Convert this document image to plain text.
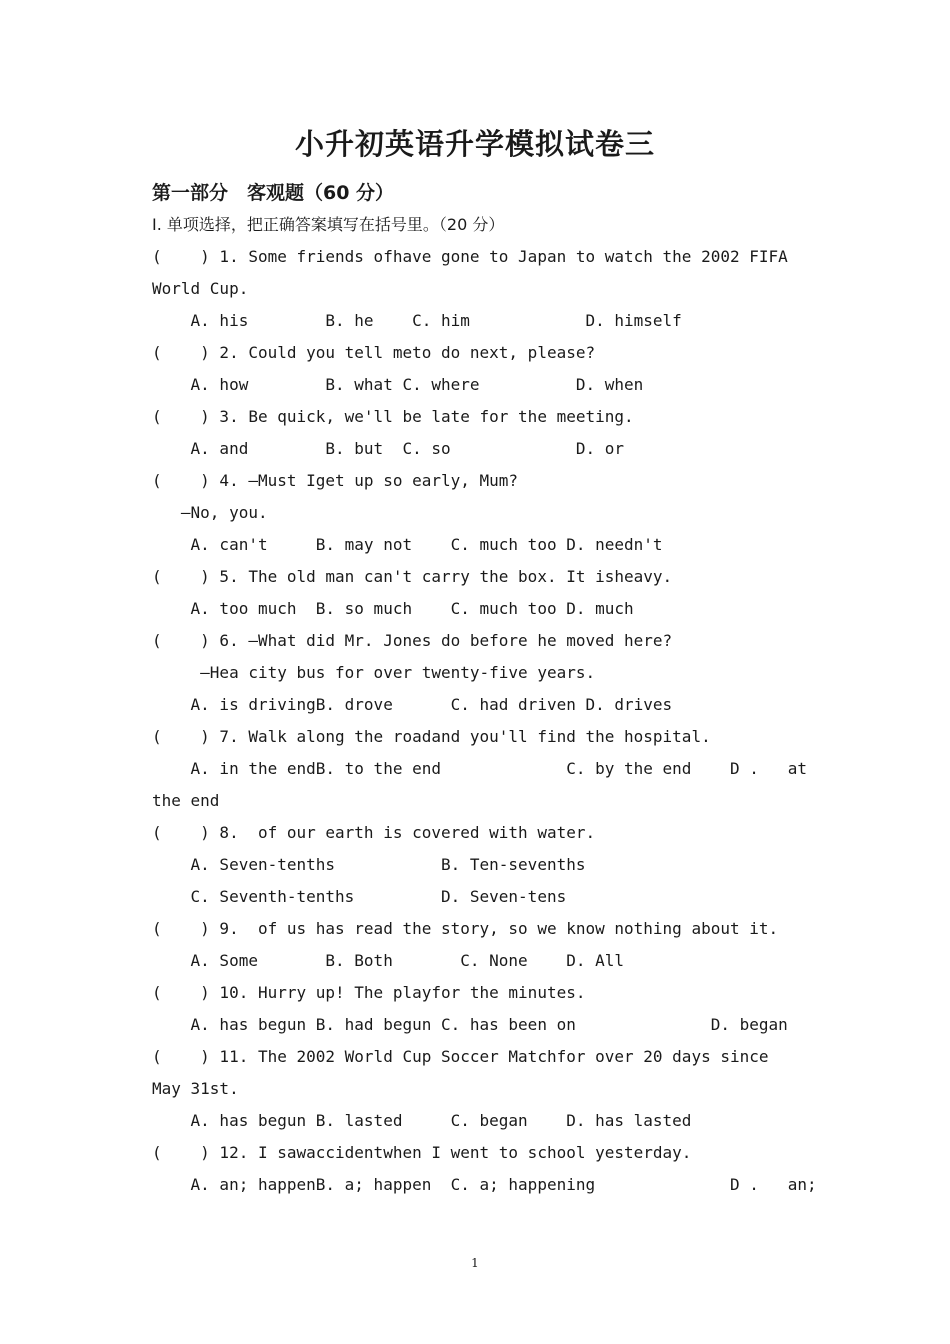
小升初英语升学模拟试卷三
第一部分　客观题（60 分）
Ⅰ. 单项选择，把正确答案填写在括号里。（20 分）
(    ) 1. Some friends ofhave gone to Japan to watch the 2002 FIFA
World Cup.
A. his        B. he    C. him            D. himself
(    ) 2. Could you tell meto do next, please?
A. how        B. what C. where          D. when
(    ) 3. Be quick, we'll be late for the meeting.
A. and        B. but  C. so             D. or
(    ) 4. —Must Iget up so early, Mum?
—No, you.
A. can't     B. may not    C. much too D. needn't
(    ) 5. The old man can't carry the box. It isheavy.
A. too much  B. so much    C. much too D. much
(    ) 6. —What did Mr. Jones do before he moved here?
—Hea city bus for over twenty-five years.
A. is drivingB. drove      C. had driven D. drives
(    ) 7. Walk along the roadand you'll find the hospital.
A. in the endB. to the end             C. by the end    D .   at
the end
(    ) 8.  of our earth is covered with water.
A. Seven-tenths           B. Ten-sevenths
C. Seventh-tenths         D. Seven-tens
(    ) 9.  of us has read the story, so we know nothing about it.
A. Some       B. Both       C. None    D. All
(    ) 10. Hurry up! The playfor the minutes.
A. has begun B. had begun C. has been on              D. began
(    ) 11. The 2002 World Cup Soccer Matchfor over 20 days since
May 31st.
A. has begun B. lasted     C. began    D. has lasted
(    ) 12. I sawaccidentwhen I went to school yesterday.
A. an; happenB. a; happen  C. a; happening              D .   an;
1
